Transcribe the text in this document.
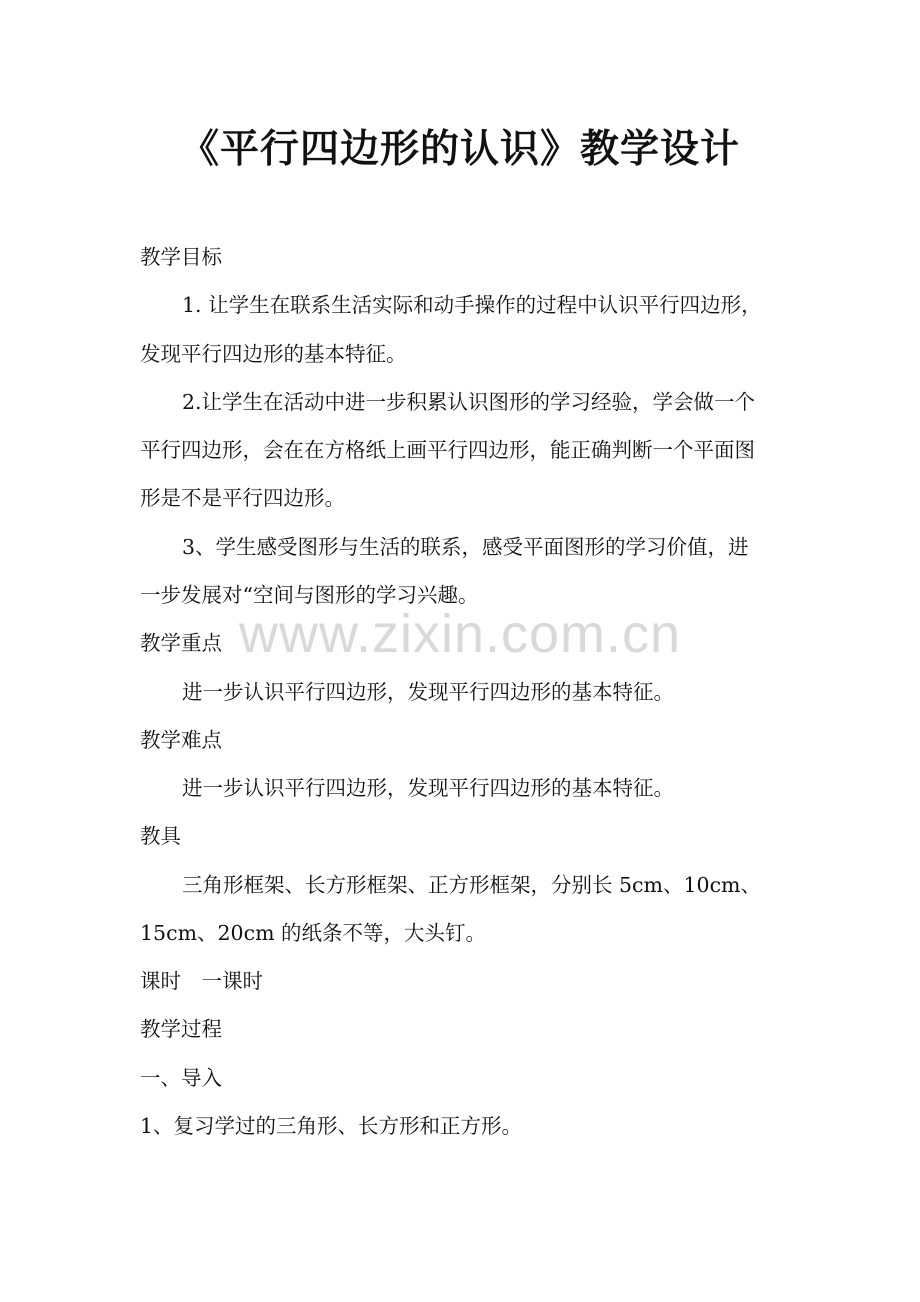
《平行四边形的认识》教学设计
教学目标
1. 让学生在联系生活实际和动手操作的过程中认识平行四边形，
发现平行四边形的基本特征。
2.让学生在活动中进一步积累认识图形的学习经验，学会做一个
平行四边形，会在在方格纸上画平行四边形，能正确判断一个平面图
形是不是平行四边形。
3、学生感受图形与生活的联系，感受平面图形的学习价值，进
一步发展对“空间与图形的学习兴趣。
www.zixin.com.cn
教学重点
进一步认识平行四边形，发现平行四边形的基本特征。
教学难点
进一步认识平行四边形，发现平行四边形的基本特征。
教具
三角形框架、长方形框架、正方形框架，分别长 5cm、10cm、
15cm、20cm 的纸条不等，大头钉。
课时　一课时
教学过程
一、导入
1、复习学过的三角形、长方形和正方形。
